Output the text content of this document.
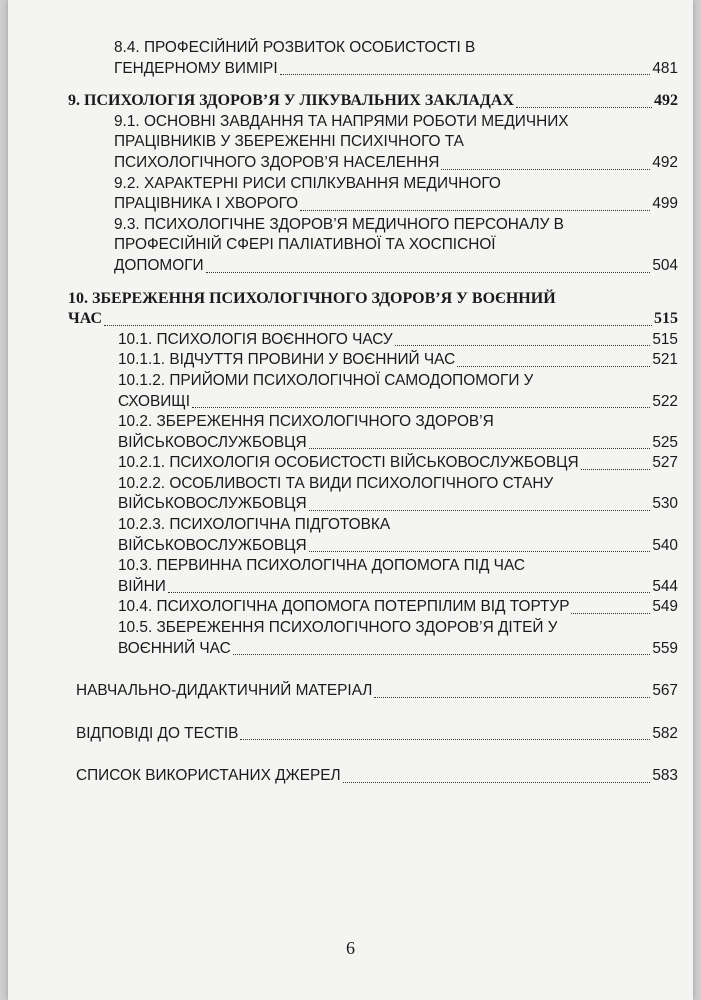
8.4. ПРОФЕСІЙНИЙ РОЗВИТОК ОСОБИСТОСТІ В
ГЕНДЕРНОМУ ВИМІРІ	481
9. ПСИХОЛОГІЯ ЗДОРОВ’Я У ЛІКУВАЛЬНИХ ЗАКЛАДАХ	492
9.1. ОСНОВНІ ЗАВДАННЯ ТА НАПРЯМИ РОБОТИ МЕДИЧНИХ
ПРАЦІВНИКІВ У ЗБЕРЕЖЕННІ ПСИХІЧНОГО ТА
ПСИХОЛОГІЧНОГО ЗДОРОВ’Я НАСЕЛЕННЯ	492
9.2. ХАРАКТЕРНІ РИСИ СПІЛКУВАННЯ МЕДИЧНОГО
ПРАЦІВНИКА І ХВОРОГО	499
9.3. ПСИХОЛОГІЧНЕ ЗДОРОВ’Я МЕДИЧНОГО ПЕРСОНАЛУ В
ПРОФЕСІЙНІЙ СФЕРІ ПАЛІАТИВНОЇ ТА ХОСПІСНОЇ
ДОПОМОГИ	504
10. ЗБЕРЕЖЕННЯ ПСИХОЛОГІЧНОГО ЗДОРОВ’Я У ВОЄННИЙ
ЧАС	515
10.1. ПСИХОЛОГІЯ ВОЄННОГО ЧАСУ	515
10.1.1. ВІДЧУТТЯ ПРОВИНИ У ВОЄННИЙ ЧАС	521
10.1.2. ПРИЙОМИ ПСИХОЛОГІЧНОЇ САМОДОПОМОГИ У
СХОВИЩІ	522
10.2. ЗБЕРЕЖЕННЯ ПСИХОЛОГІЧНОГО ЗДОРОВ’Я
ВІЙСЬКОВОСЛУЖБОВЦЯ	525
10.2.1. ПСИХОЛОГІЯ ОСОБИСТОСТІ ВІЙСЬКОВОСЛУЖБОВЦЯ	527
10.2.2. ОСОБЛИВОСТІ ТА ВИДИ ПСИХОЛОГІЧНОГО СТАНУ
ВІЙСЬКОВОСЛУЖБОВЦЯ	530
10.2.3. ПСИХОЛОГІЧНА ПІДГОТОВКА
ВІЙСЬКОВОСЛУЖБОВЦЯ	540
10.3. ПЕРВИННА ПСИХОЛОГІЧНА ДОПОМОГА ПІД ЧАС
ВІЙНИ	544
10.4. ПСИХОЛОГІЧНА ДОПОМОГА ПОТЕРПІЛИМ ВІД ТОРТУР	549
10.5. ЗБЕРЕЖЕННЯ ПСИХОЛОГІЧНОГО ЗДОРОВ’Я ДІТЕЙ У
ВОЄННИЙ ЧАС	559
НАВЧАЛЬНО-ДИДАКТИЧНИЙ МАТЕРІАЛ	567
ВІДПОВІДІ ДО ТЕСТІВ	582
СПИСОК ВИКОРИСТАНИХ ДЖЕРЕЛ	583
6
